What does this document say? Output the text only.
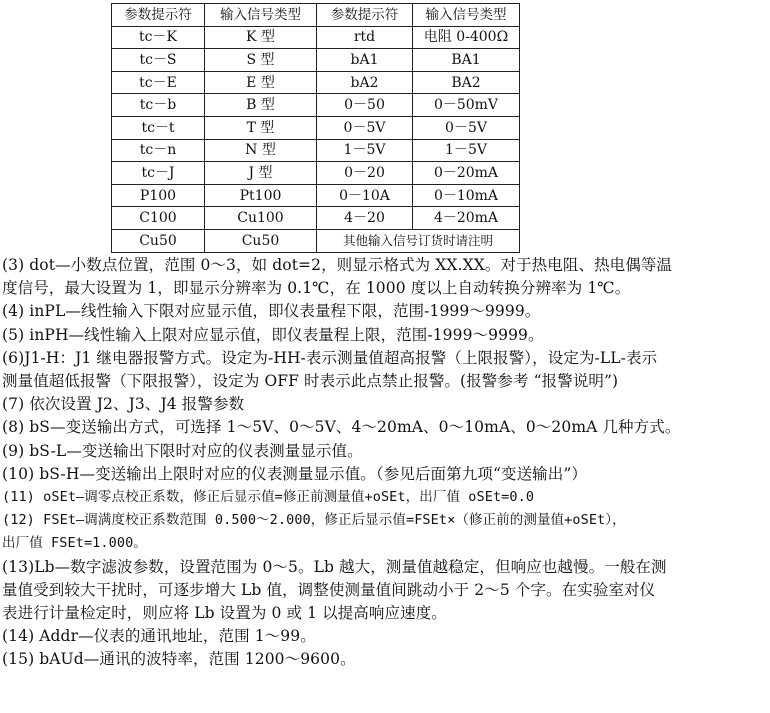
参数提示符	输入信号类型	参数提示符	输入信号类型
tc－K	K 型	rtd	电阻 0-400Ω
tc－S	S 型	bA1	BA1
tc－E	E 型	bA2	BA2
tc－b	B 型	0－50	0－50mV
tc－t	T 型	0－5V	0－5V
tc－n	N 型	1－5V	1－5V
tc－J	J 型	0－20	0－20mA
P100	Pt100	0－10A	0－10mA
C100	Cu100	4－20	4－20mA
Cu50	Cu50	其他输入信号订货时请注明	

(3) dot—小数点位置，范围 0～3，如 dot=2，则显示格式为 XX.XX。对于热电阻、热电偶等温

度信号，最大设置为 1，即显示分辨率为 0.1℃，在 1000 度以上自动转换分辨率为 1℃。

(4) inPL—线性输入下限对应显示值，即仪表量程下限，范围-1999～9999。

(5) inPH—线性输入上限对应显示值，即仪表量程上限，范围-1999～9999。

(6)J1-H：J1 继电器报警方式。设定为-HH-表示测量值超高报警（上限报警），设定为-LL-表示

测量值超低报警（下限报警），设定为 OFF 时表示此点禁止报警。(报警参考 “报警说明”)

(7) 依次设置 J2、J3、J4 报警参数

(8) bS—变送输出方式，可选择 1～5V、0～5V、4～20mA、0～10mA、0～20mA 几种方式。

(9) bS-L—变送输出下限时对应的仪表测量显示值。

(10) bS-H—变送输出上限时对应的仪表测量显示值。（参见后面第九项“变送输出”）

(11) oSEt—调零点校正系数，修正后显示值=修正前测量值+oSEt，出厂值 oSEt=0.0

(12) FSEt—调满度校正系数范围 0.500～2.000，修正后显示值=FSEt×（修正前的测量值+oSEt），

出厂值 FSEt=1.000。

(13)Lb—数字滤波参数，设置范围为 0～5。Lb 越大，测量值越稳定，但响应也越慢。一般在测

量值受到较大干扰时，可逐步增大 Lb 值，调整使测量值间跳动小于 2～5 个字。在实验室对仪

表进行计量检定时，则应将 Lb 设置为 0 或 1 以提高响应速度。

(14) Addr—仪表的通讯地址，范围 1～99。

(15) bAUd—通讯的波特率，范围 1200～9600。
